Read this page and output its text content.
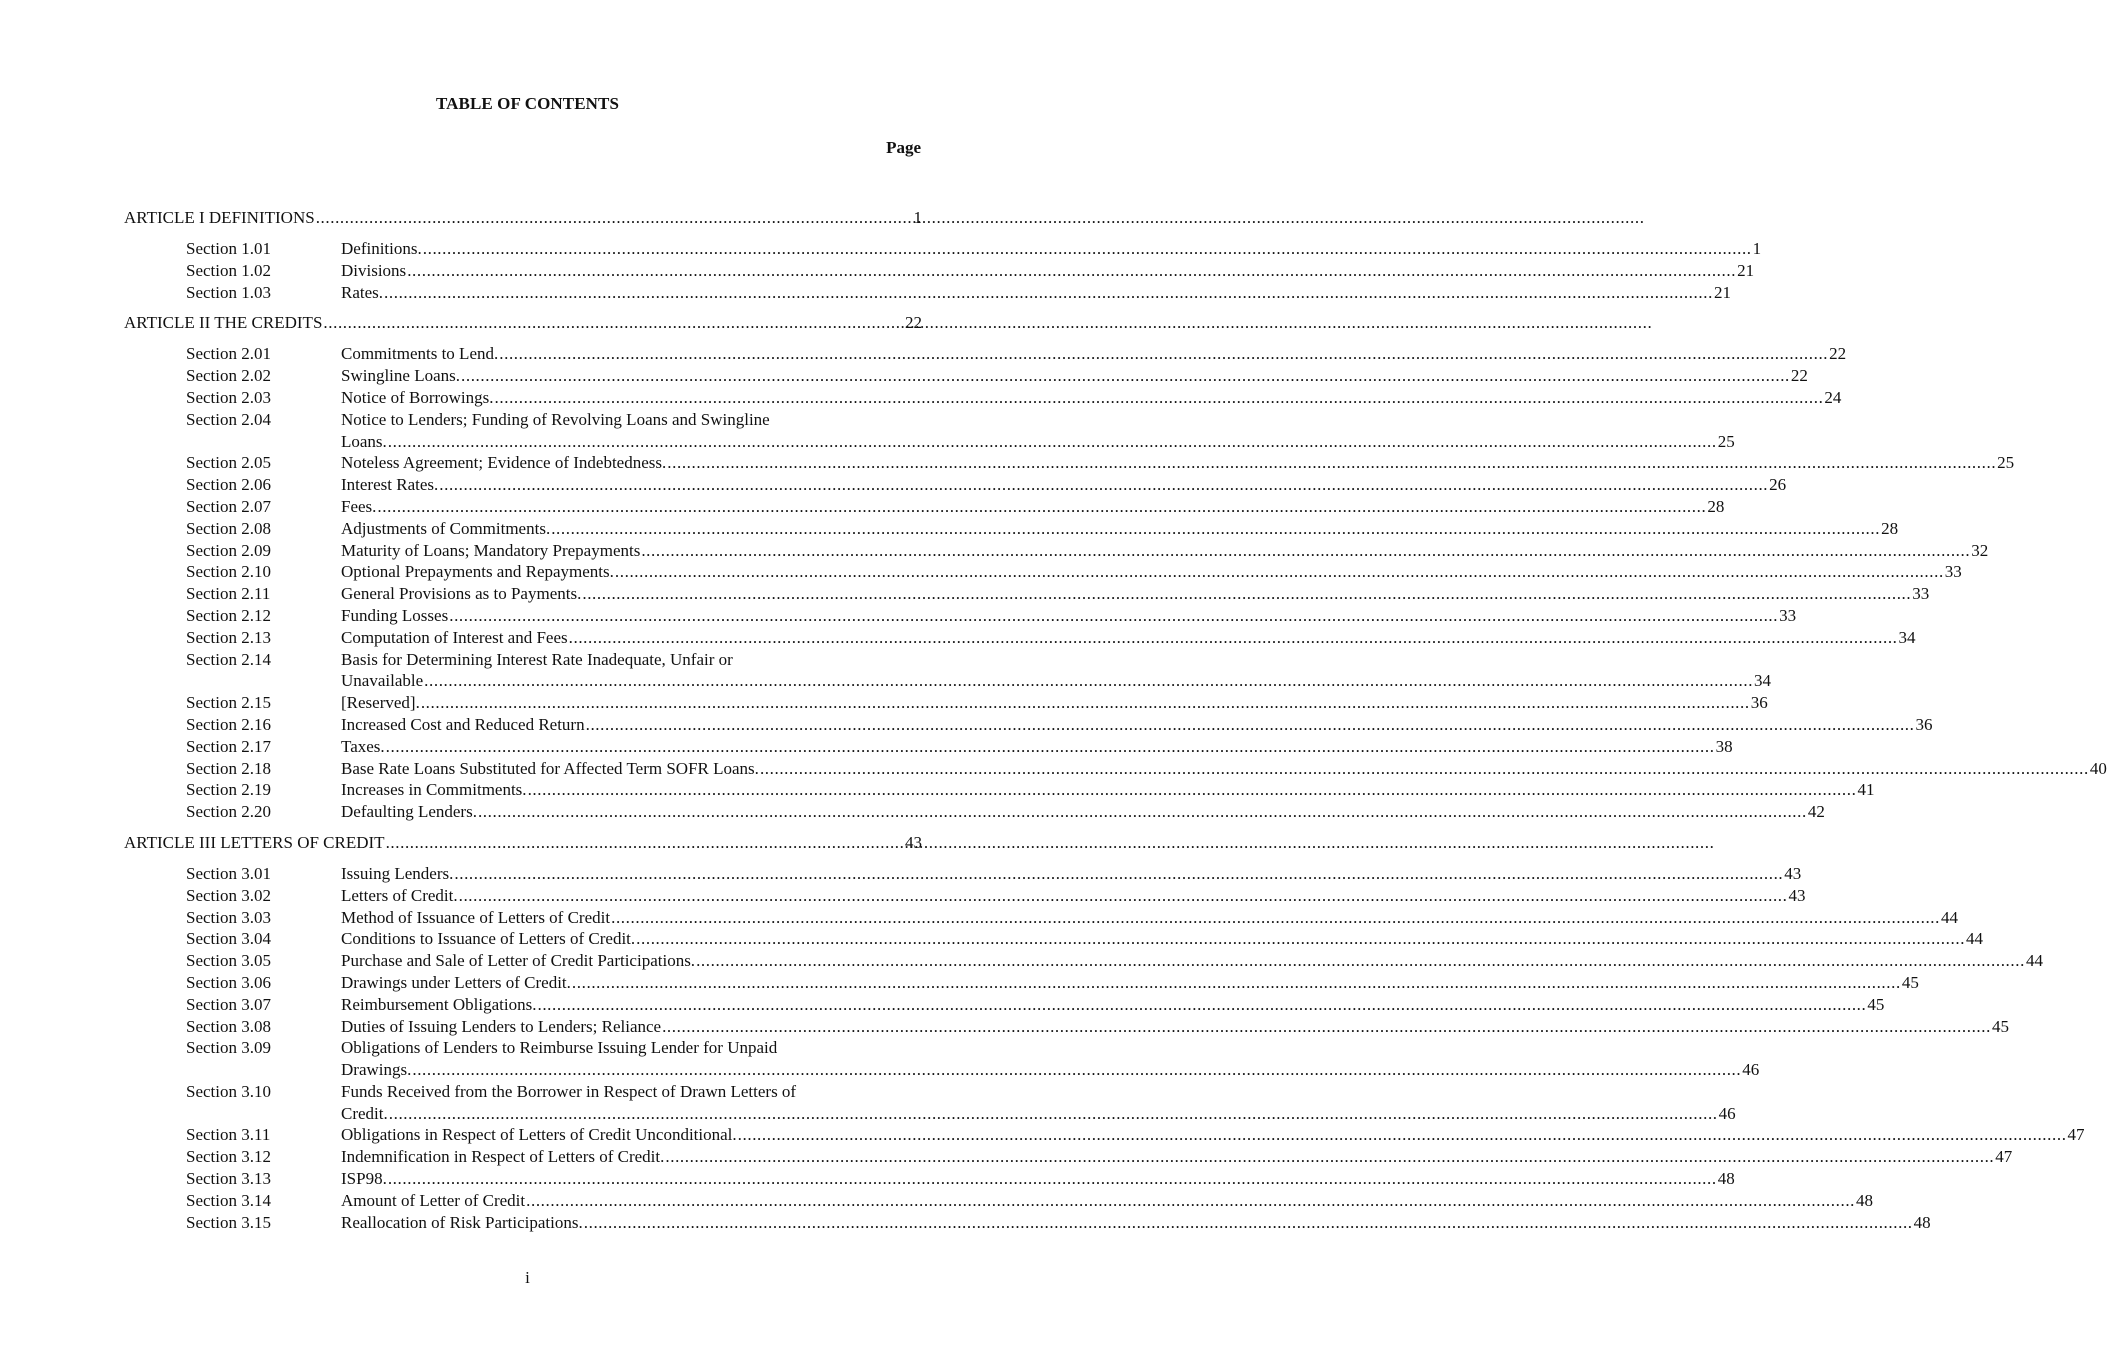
TABLE OF CONTENTS
Page
ARTICLE I DEFINITIONS .....	1
Section 1.01	Definitions. .....	1
Section 1.02	Divisions .....	21
Section 1.03	Rates. .....	21
ARTICLE II THE CREDITS .....	22
Section 2.01	Commitments to Lend. .....	22
Section 2.02	Swingline Loans. .....	22
Section 2.03	Notice of Borrowings. .....	24
Section 2.04	Notice to Lenders; Funding of Revolving Loans and Swingline
Loans. .....	25
Section 2.05	Noteless Agreement; Evidence of Indebtedness. .....	25
Section 2.06	Interest Rates. .....	26
Section 2.07	Fees. .....	28
Section 2.08	Adjustments of Commitments. .....	28
Section 2.09	Maturity of Loans; Mandatory Prepayments .....	32
Section 2.10	Optional Prepayments and Repayments. .....	33
Section 2.11	General Provisions as to Payments. .....	33
Section 2.12	Funding Losses .....	33
Section 2.13	Computation of Interest and Fees .....	34
Section 2.14	Basis for Determining Interest Rate Inadequate, Unfair or
Unavailable .....	34
Section 2.15	[Reserved]. .....	36
Section 2.16	Increased Cost and Reduced Return .....	36
Section 2.17	Taxes. .....	38
Section 2.18	Base Rate Loans Substituted for Affected Term SOFR Loans. .....	40
Section 2.19	Increases in Commitments. .....	41
Section 2.20	Defaulting Lenders. .....	42
ARTICLE III LETTERS OF CREDIT .....	43
Section 3.01	Issuing Lenders. .....	43
Section 3.02	Letters of Credit. .....	43
Section 3.03	Method of Issuance of Letters of Credit .....	44
Section 3.04	Conditions to Issuance of Letters of Credit. .....	44
Section 3.05	Purchase and Sale of Letter of Credit Participations. .....	44
Section 3.06	Drawings under Letters of Credit. .....	45
Section 3.07	Reimbursement Obligations. .....	45
Section 3.08	Duties of Issuing Lenders to Lenders; Reliance .....	45
Section 3.09	Obligations of Lenders to Reimburse Issuing Lender for Unpaid
Drawings. .....	46
Section 3.10	Funds Received from the Borrower in Respect of Drawn Letters of
Credit. .....	46
Section 3.11	Obligations in Respect of Letters of Credit Unconditional. .....	47
Section 3.12	Indemnification in Respect of Letters of Credit. .....	47
Section 3.13	ISP98. .....	48
Section 3.14	Amount of Letter of Credit .....	48
Section 3.15	Reallocation of Risk Participations. .....	48
i
